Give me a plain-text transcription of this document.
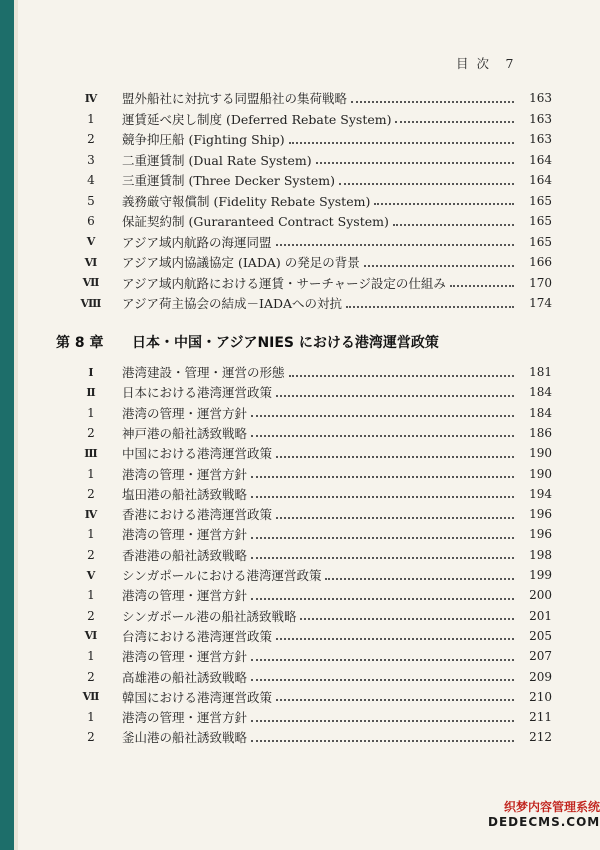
目 次　7
Ⅳ	盟外船社に対抗する同盟船社の集荷戦略	163
1	運賃延べ戻し制度 (Deferred Rebate System)	163
2	競争抑圧船 (Fighting Ship)	163
3	二重運賃制 (Dual Rate System)	164
4	三重運賃制 (Three Decker System)	164
5	義務厳守報償制 (Fidelity Rebate System)	165
6	保証契約制 (Gurarantееd Contract System)	165
Ⅴ	アジア域内航路の海運同盟	165
Ⅵ	アジア域内協議協定 (IADA) の発足の背景	166
Ⅶ	アジア域内航路における運賃・サーチャージ設定の仕組み	170
Ⅷ	アジア荷主協会の結成－IADAへの対抗	174
第 8 章	日本・中国・アジアNIES における港湾運営政策
Ⅰ	港湾建設・管理・運営の形態	181
Ⅱ	日本における港湾運営政策	184
1	港湾の管理・運営方針	184
2	神戸港の船社誘致戦略	186
Ⅲ	中国における港湾運営政策	190
1	港湾の管理・運営方針	190
2	塩田港の船社誘致戦略	194
Ⅳ	香港における港湾運営政策	196
1	港湾の管理・運営方針	196
2	香港港の船社誘致戦略	198
Ⅴ	シンガポールにおける港湾運営政策	199
1	港湾の管理・運営方針	200
2	シンガポール港の船社誘致戦略	201
Ⅵ	台湾における港湾運営政策	205
1	港湾の管理・運営方針	207
2	高雄港の船社誘致戦略	209
Ⅶ	韓国における港湾運営政策	210
1	港湾の管理・運営方針	211
2	釜山港の船社誘致戦略	212
织梦内容管理系统
DEDECMS.COM
